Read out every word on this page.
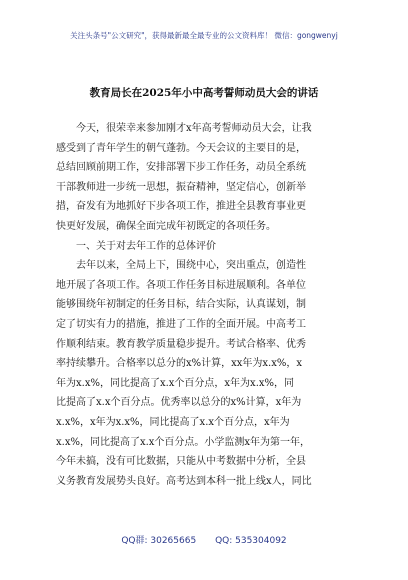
关注头条号"公文研究"，获得最新最全最专业的公文资料库！ 微信：gongwenyj
教育局长在2025年小中高考誓师动员大会的讲话
今天，很荣幸来参加刚才x年高考誓师动员大会，让我
感受到了青年学生的朝气蓬勃。今天会议的主要目的是，
总结回顾前期工作，安排部署下步工作任务，动员全系统
干部教师进一步统一思想，振奋精神，坚定信心，创新举
措，奋发有为地抓好下步各项工作，推进全县教育事业更
快更好发展，确保全面完成年初既定的各项任务。
一、关于对去年工作的总体评价
去年以来，全局上下，围绕中心，突出重点，创造性
地开展了各项工作。各项工作任务目标进展顺利。各单位
能够围绕年初制定的任务目标，结合实际，认真谋划，制
定了切实有力的措施，推进了工作的全面开展。中高考工
作顺利结束。教育教学质量稳步提升。考试合格率、优秀
率持续攀升。合格率以总分的x%计算，xx年为x.x%，x
年为x.x%，同比提高了x.x个百分点，x年为x.x%，同
比提高了x.x个百分点。优秀率以总分的x%计算，x年为
x.x%，x年为x.x%，同比提高了x.x个百分点，x年为
x.x%，同比提高了x.x个百分点。小学监测x年为第一年，
今年未搞，没有可比数据，只能从中考数据中分析，全县
义务教育发展势头良好。高考达到本科一批上线x人，同比
QQ群: 30265665 QQ: 535304092
